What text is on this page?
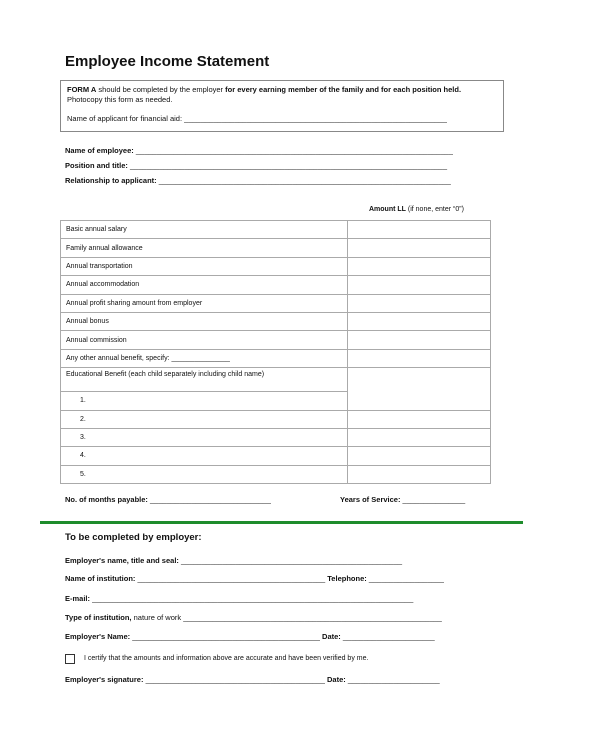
Employee Income Statement
FORM A should be completed by the employer for every earning member of the family and for each position held. Photocopy this form as needed.
Name of applicant for financial aid: _______________________________________________________________
Name of employee: ____________________________________________________________________________
Position and title: ____________________________________________________________________________
Relationship to applicant: ______________________________________________________________________
Amount LL (if none, enter “0”)
Basic annual salary	
Family annual allowance	
Annual transportation	
Annual accommodation	
Annual profit sharing amount from employer	
Annual bonus	
Annual commission	
Any other annual benefit, specify: _______________	
Educational Benefit (each child separately including child name)	
1.	
2.	
3.	
4.	
5.	
No. of months payable: _____________________________	Years of Service: _______________
To be completed by employer:
Employer's name, title and seal: _____________________________________________________
Name of institution: _____________________________________________ Telephone: __________________
E-mail: _____________________________________________________________________________
Type of institution, nature of work ______________________________________________________________
Employer's Name: _____________________________________________ Date: ______________________
I certify that the amounts and information above are accurate and have been verified by me.
Employer's signature: ___________________________________________ Date: ______________________
